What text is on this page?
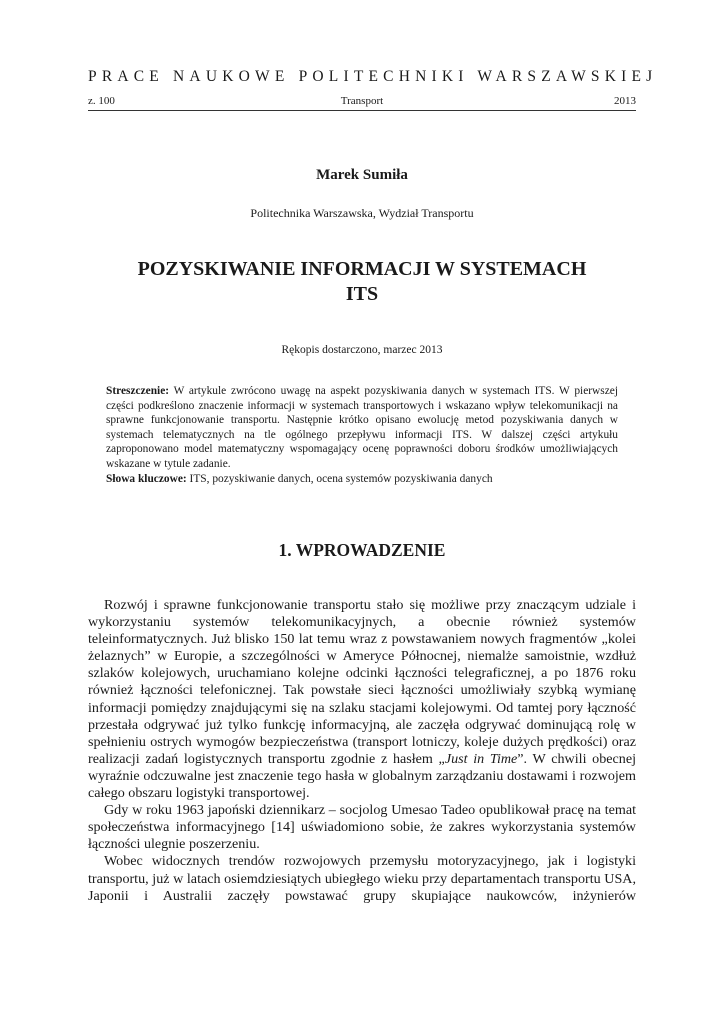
PRACE NAUKOWE POLITECHNIKI WARSZAWSKIEJ
z. 100	Transport	2013
Marek Sumiła
Politechnika Warszawska, Wydział Transportu
POZYSKIWANIE INFORMACJI W SYSTEMACH
ITS
Rękopis dostarczono, marzec 2013
Streszczenie: W artykule zwrócono uwagę na aspekt pozyskiwania danych w systemach ITS. W pierwszej części podkreślono znaczenie informacji w systemach transportowych i wskazano wpływ telekomunikacji na sprawne funkcjonowanie transportu. Następnie krótko opisano ewolucję metod pozyskiwania danych w systemach telematycznych na tle ogólnego przepływu informacji ITS. W dalszej części artykułu zaproponowano model matematyczny wspomagający ocenę poprawności doboru środków umożliwiających wskazane w tytule zadanie.
Słowa kluczowe: ITS, pozyskiwanie danych, ocena systemów pozyskiwania danych
1. WPROWADZENIE

Rozwój i sprawne funkcjonowanie transportu stało się możliwe przy znaczącym udziale i wykorzystaniu systemów telekomunikacyjnych, a obecnie również systemów teleinformatycznych. Już blisko 150 lat temu wraz z powstawaniem nowych fragmentów „kolei żelaznych” w Europie, a szczególności w Ameryce Północnej, niemalże samoistnie, wzdłuż szlaków kolejowych, uruchamiano kolejne odcinki łączności telegraficznej, a po 1876 roku również łączności telefonicznej. Tak powstałe sieci łączności umożliwiały szybką wymianę informacji pomiędzy znajdującymi się na szlaku stacjami kolejowymi. Od tamtej pory łączność przestała odgrywać już tylko funkcję informacyjną, ale zaczęła odgrywać dominującą rolę w spełnieniu ostrych wymogów bezpieczeństwa (transport lotniczy, koleje dużych prędkości) oraz realizacji zadań logistycznych transportu zgodnie z hasłem „Just in Time”. W chwili obecnej wyraźnie odczuwalne jest znaczenie tego hasła w globalnym zarządzaniu dostawami i rozwojem całego obszaru logistyki transportowej.

Gdy w roku 1963 japoński dziennikarz – socjolog Umesao Tadeo opublikował pracę na temat społeczeństwa informacyjnego [14] uświadomiono sobie, że zakres wykorzystania systemów łączności ulegnie poszerzeniu.

Wobec widocznych trendów rozwojowych przemysłu motoryzacyjnego, jak i logistyki transportu, już w latach osiemdziesiątych ubiegłego wieku przy departamentach transportu USA, Japonii i Australii zaczęły powstawać grupy skupiające naukowców, inżynierów
